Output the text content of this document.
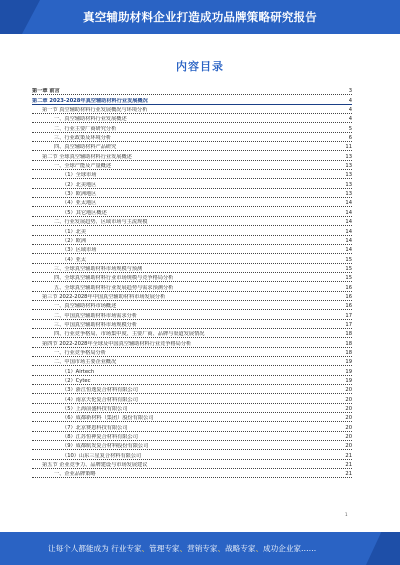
真空辅助材料企业打造成功品牌策略研究报告
内容目录
第一章 前言	3
第二章 2023-2028年真空辅助材料行业发展概况	4
第一节 真空辅助材料行业发展概况与环境分析	4
一、真空辅助材料行业发展概述	4
二、行业主要厂商研究分析	5
三、行业政策及环境分析	6
四、真空辅助材料产品研究	11
第二节 全球真空辅助材料行业发展概述	13
一、全球产能及产量概述	13
（1）全球市场	13
（2）北美地区	13
（3）欧洲地区	13
（4）亚太地区	14
（5）其它地区概述	14
二、行业发展趋势、区域市场与主流规模	14
（1）北美	14
（2）欧洲	14
（3）区域市场	14
（4）亚太	15
三、全球真空辅助材料市场规模与预测	15
四、全球真空辅助材料行业市场规模与竞争格局分析	15
五、全球真空辅助材料行业发展趋势与需求预测分析	16
第三节 2022-2028年中国真空辅助材料市场发展分析	16
一、真空辅助材料市场概述	16
二、中国真空辅助材料市场需求分析	17
三、中国真空辅助材料市场规模分析	17
四、行业竞争格局、市场集中度、主要厂商、品牌与渠道发展情况	18
第四节 2022-2028年全球及中国真空辅助材料行业竞争格局分析	18
一、行业竞争格局分析	18
二、中国市场主要企业概况	19
（1）Airtech	19
（2）Cytec	19
（3）浙江恒逸复合材料有限公司	20
（4）南京天伦复合材料有限公司	20
（5）上海前盛科技有限公司	20
（6）成都新材料（集团）股份有限公司	20
（7）北京赛恩科技有限公司	20
（8）江苏恒神复合材料有限公司	20
（9）成都航发复合材料股份有限公司	20
（10）山东三星复合材料有限公司	21
第五节 企业竞争力、品牌建设与市场发展建议	21
一、企业品牌策略	21
1
让每个人都能成为 行业专家、管理专家、营销专家、战略专家、成功企业家……
